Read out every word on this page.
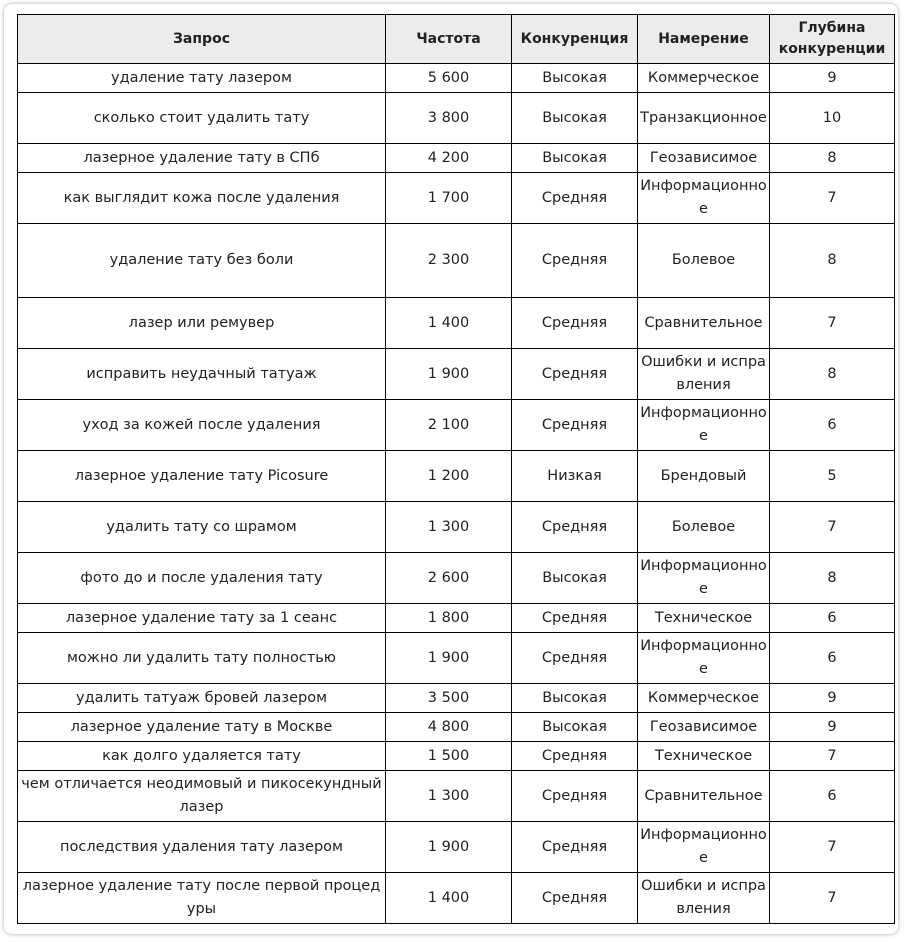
Запрос	Частота	Конкуренция	Намерение	Глубина конкуренции
удаление тату лазером	5 600	Высокая	Коммерческое	9
сколько стоит удалить тату	3 800	Высокая	Транзакционное	10
лазерное удаление тату в СПб	4 200	Высокая	Геозависимое	8
как выглядит кожа после удаления	1 700	Средняя	Информационное	7
удаление тату без боли	2 300	Средняя	Болевое	8
лазер или ремувер	1 400	Средняя	Сравнительное	7
исправить неудачный татуаж	1 900	Средняя	Ошибки и исправления	8
уход за кожей после удаления	2 100	Средняя	Информационное	6
лазерное удаление тату Picosure	1 200	Низкая	Брендовый	5
удалить тату со шрамом	1 300	Средняя	Болевое	7
фото до и после удаления тату	2 600	Высокая	Информационное	8
лазерное удаление тату за 1 сеанс	1 800	Средняя	Техническое	6
можно ли удалить тату полностью	1 900	Средняя	Информационное	6
удалить татуаж бровей лазером	3 500	Высокая	Коммерческое	9
лазерное удаление тату в Москве	4 800	Высокая	Геозависимое	9
как долго удаляется тату	1 500	Средняя	Техническое	7
чем отличается неодимовый и пикосекундный лазер	1 300	Средняя	Сравнительное	6
последствия удаления тату лазером	1 900	Средняя	Информационное	7
лазерное удаление тату после первой процедуры	1 400	Средняя	Ошибки и исправления	7
